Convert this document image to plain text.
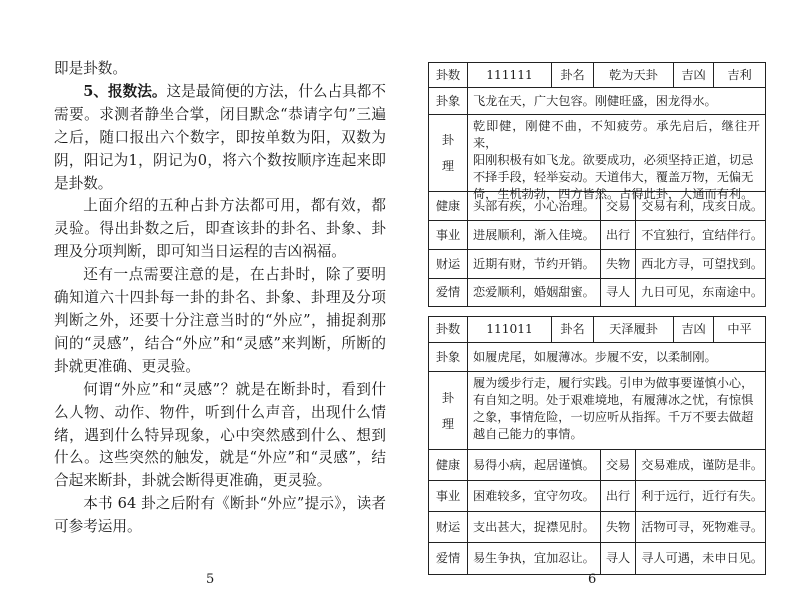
即是卦数。

5、报数法。这是最简便的方法，什么占具都不需要。求测者静坐合掌，闭目默念“恭请字句”三遍之后，随口报出六个数字，即按单数为阳，双数为阴，阳记为1，阴记为0，将六个数按顺序连起来即是卦数。

上面介绍的五种占卦方法都可用，都有效，都灵验。得出卦数之后，即查该卦的卦名、卦象、卦理及分项判断，即可知当日运程的吉凶祸福。

还有一点需要注意的是，在占卦时，除了要明确知道六十四卦每一卦的卦名、卦象、卦理及分项判断之外，还要十分注意当时的“外应”，捕捉刹那间的“灵感”，结合“外应”和“灵感”来判断，所断的卦就更准确、更灵验。

何谓“外应”和“灵感”？就是在断卦时，看到什么人物、动作、物件，听到什么声音，出现什么情绪，遇到什么特异现象，心中突然感到什么、想到什么。这些突然的触发，就是“外应”和“灵感”，结合起来断卦，卦就会断得更准确，更灵验。

本书 64 卦之后附有《断卦“外应”提示》，读者可参考运用。

5
卦数	111111	卦名	乾为天卦	吉凶	吉利
卦象	飞龙在天，广大包容。刚健旺盛，困龙得水。
卦
理
乾即健，刚健不曲，不知疲劳。承先启后，继往开来，
阳刚积极有如飞龙。欲要成功，必须坚持正道，切忌
不择手段，轻举妄动。天道伟大，覆盖万物，无偏无
倚，生机勃勃，四方皆然。占得此卦，大通而有利。
健康	头部有疾，小心治理。 交易 交易有利，戌亥日成。
事业	进展顺利，渐入佳境。 出行 不宜独行，宜结伴行。
财运	近期有财，节约开销。 失物 西北方寻，可望找到。
爱情	恋爱顺利，婚姻甜蜜。 寻人 九日可见，东南途中。
卦数	111011	卦名	天泽履卦	吉凶	中平
卦象	如履虎尾，如履薄冰。步履不安，以柔制刚。
卦
理
履为缓步行走，履行实践。引申为做事要谨慎小心，
有自知之明。处于艰难境地，有履薄冰之忧，有惊惧
之象，事情危险，一切应听从指挥。千万不要去做超
越自己能力的事情。
健康	易得小病，起居谨慎。 交易 交易难成，谨防是非。
事业	困难较多，宜守勿攻。 出行 利于远行，近行有失。
财运	支出甚大，捉襟见肘。 失物 活物可寻，死物难寻。
爱情	易生争执，宜加忍让。 寻人 寻人可遇，未申日见。
6
